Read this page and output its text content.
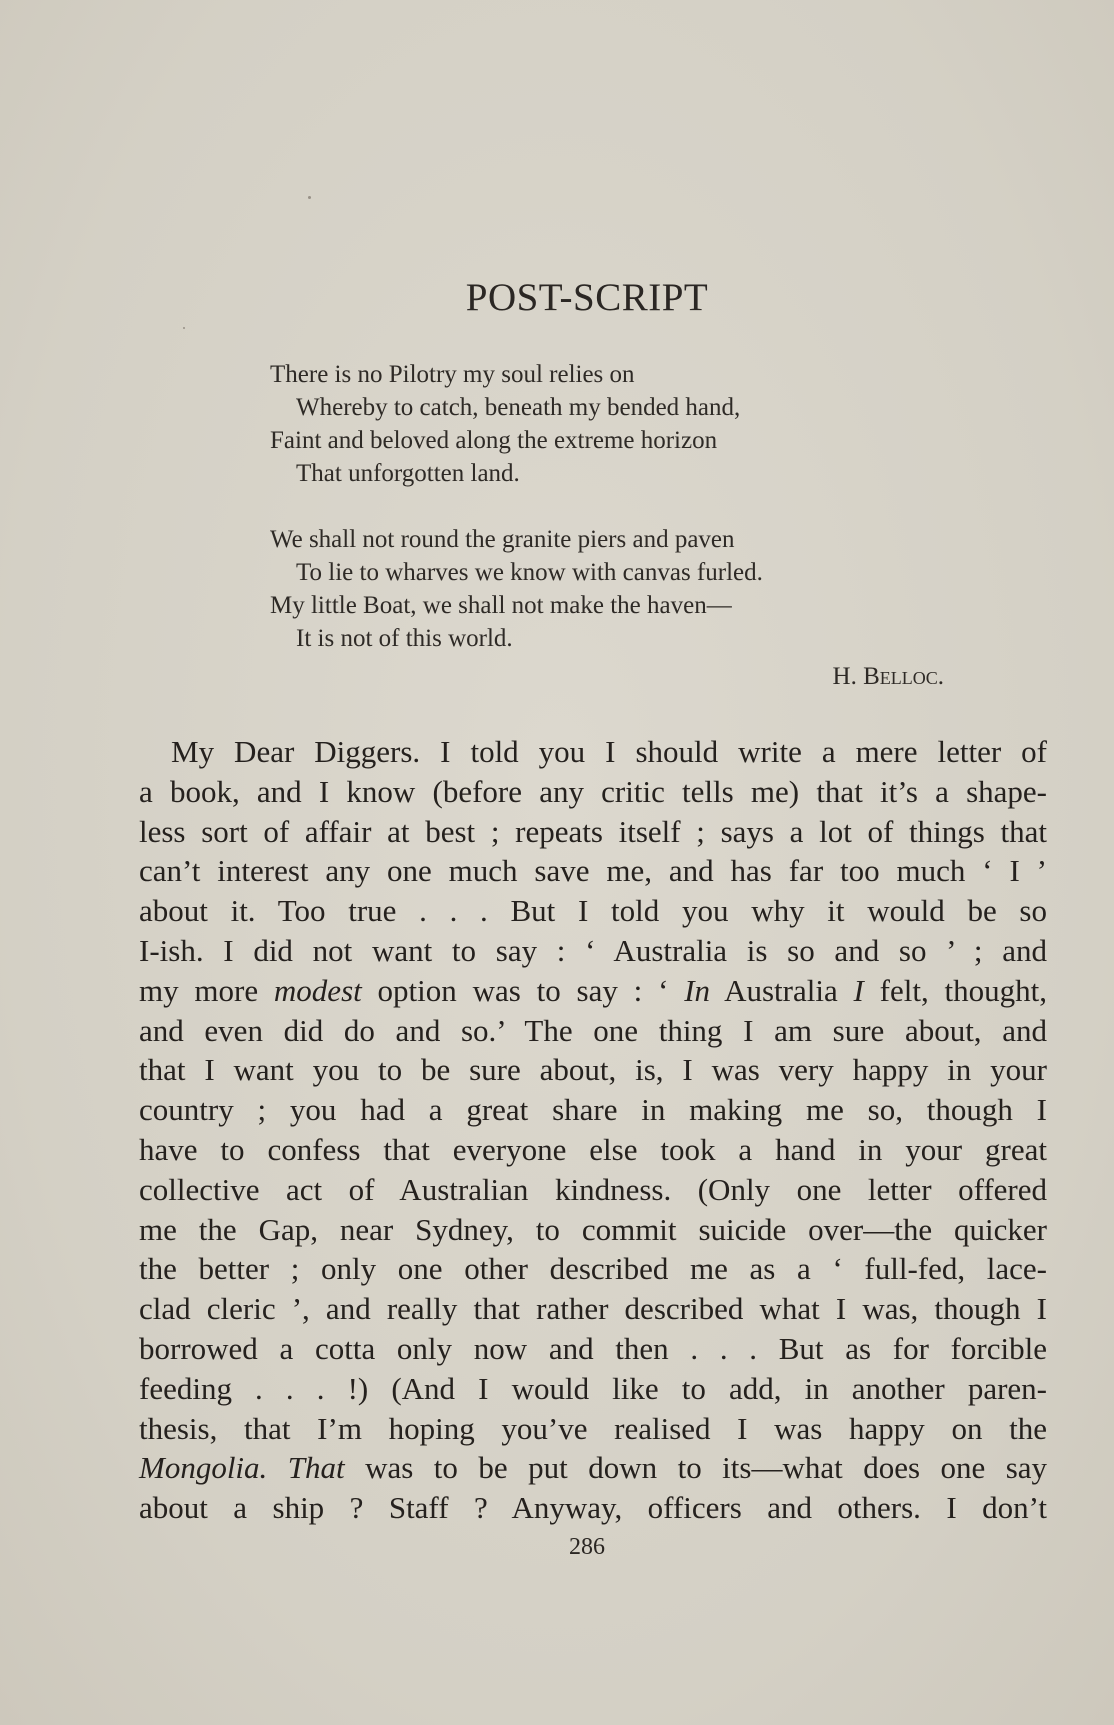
POST-SCRIPT
There is no Pilotry my soul relies on
Whereby to catch, beneath my bended hand,
Faint and beloved along the extreme horizon
That unforgotten land.
We shall not round the granite piers and paven
To lie to wharves we know with canvas furled.
My little Boat, we shall not make the haven—
It is not of this world.
H. Belloc.
My Dear Diggers. I told you I should write a mere letter of
a book, and I know (before any critic tells me) that it’s a shape-
less sort of affair at best ; repeats itself ; says a lot of things that
can’t interest any one much save me, and has far too much ‘ I ’
about it. Too true . . . But I told you why it would be so
I-ish. I did not want to say : ‘ Australia is so and so ’ ; and
my more modest option was to say : ‘ In Australia I felt, thought,
and even did do and so.’ The one thing I am sure about, and
that I want you to be sure about, is, I was very happy in your
country ; you had a great share in making me so, though I
have to confess that everyone else took a hand in your great
collective act of Australian kindness. (Only one letter offered
me the Gap, near Sydney, to commit suicide over—the quicker
the better ; only one other described me as a ‘ full-fed, lace-
clad cleric ’, and really that rather described what I was, though I
borrowed a cotta only now and then . . . But as for forcible
feeding . . . !) (And I would like to add, in another paren-
thesis, that I’m hoping you’ve realised I was happy on the
Mongolia. That was to be put down to its—what does one say
about a ship ? Staff ? Anyway, officers and others. I don’t
286
